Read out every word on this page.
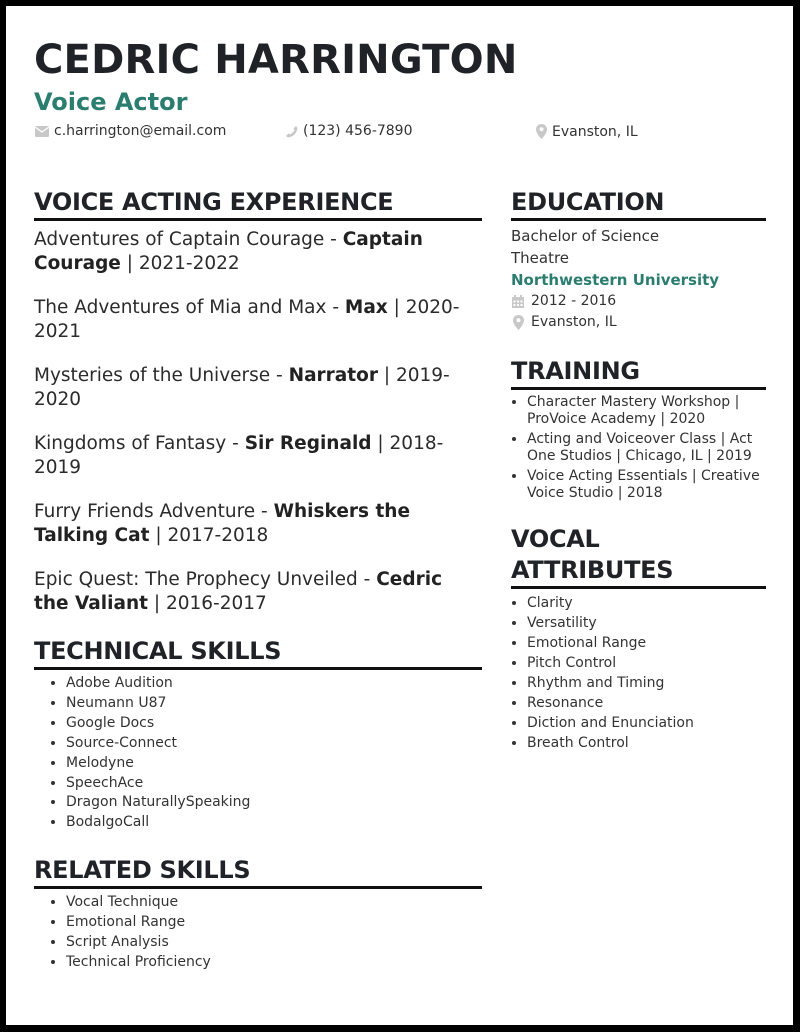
CEDRIC HARRINGTON
Voice Actor
c.harrington@email.com	(123) 456-7890	Evanston, IL
VOICE ACTING EXPERIENCE

Adventures of Captain Courage - Captain Courage | 2021-2022

The Adventures of Mia and Max - Max | 2020-2021

Mysteries of the Universe - Narrator | 2019-2020

Kingdoms of Fantasy - Sir Reginald | 2018-2019

Furry Friends Adventure - Whiskers the Talking Cat | 2017-2018

Epic Quest: The Prophecy Unveiled - Cedric the Valiant | 2016-2017

TECHNICAL SKILLS
• Adobe Audition
• Neumann U87
• Google Docs
• Source-Connect
• Melodyne
• SpeechAce
• Dragon NaturallySpeaking
• BodalgoCall
RELATED SKILLS
• Vocal Technique
• Emotional Range
• Script Analysis
• Technical Proficiency
EDUCATION
Bachelor of Science
Theatre
Northwestern University
2012 - 2016
Evanston, IL
TRAINING
• Character Mastery Workshop | ProVoice Academy | 2020
• Acting and Voiceover Class | Act One Studios | Chicago, IL | 2019
• Voice Acting Essentials | Creative Voice Studio | 2018
VOCAL ATTRIBUTES
• Clarity
• Versatility
• Emotional Range
• Pitch Control
• Rhythm and Timing
• Resonance
• Diction and Enunciation
• Breath Control
